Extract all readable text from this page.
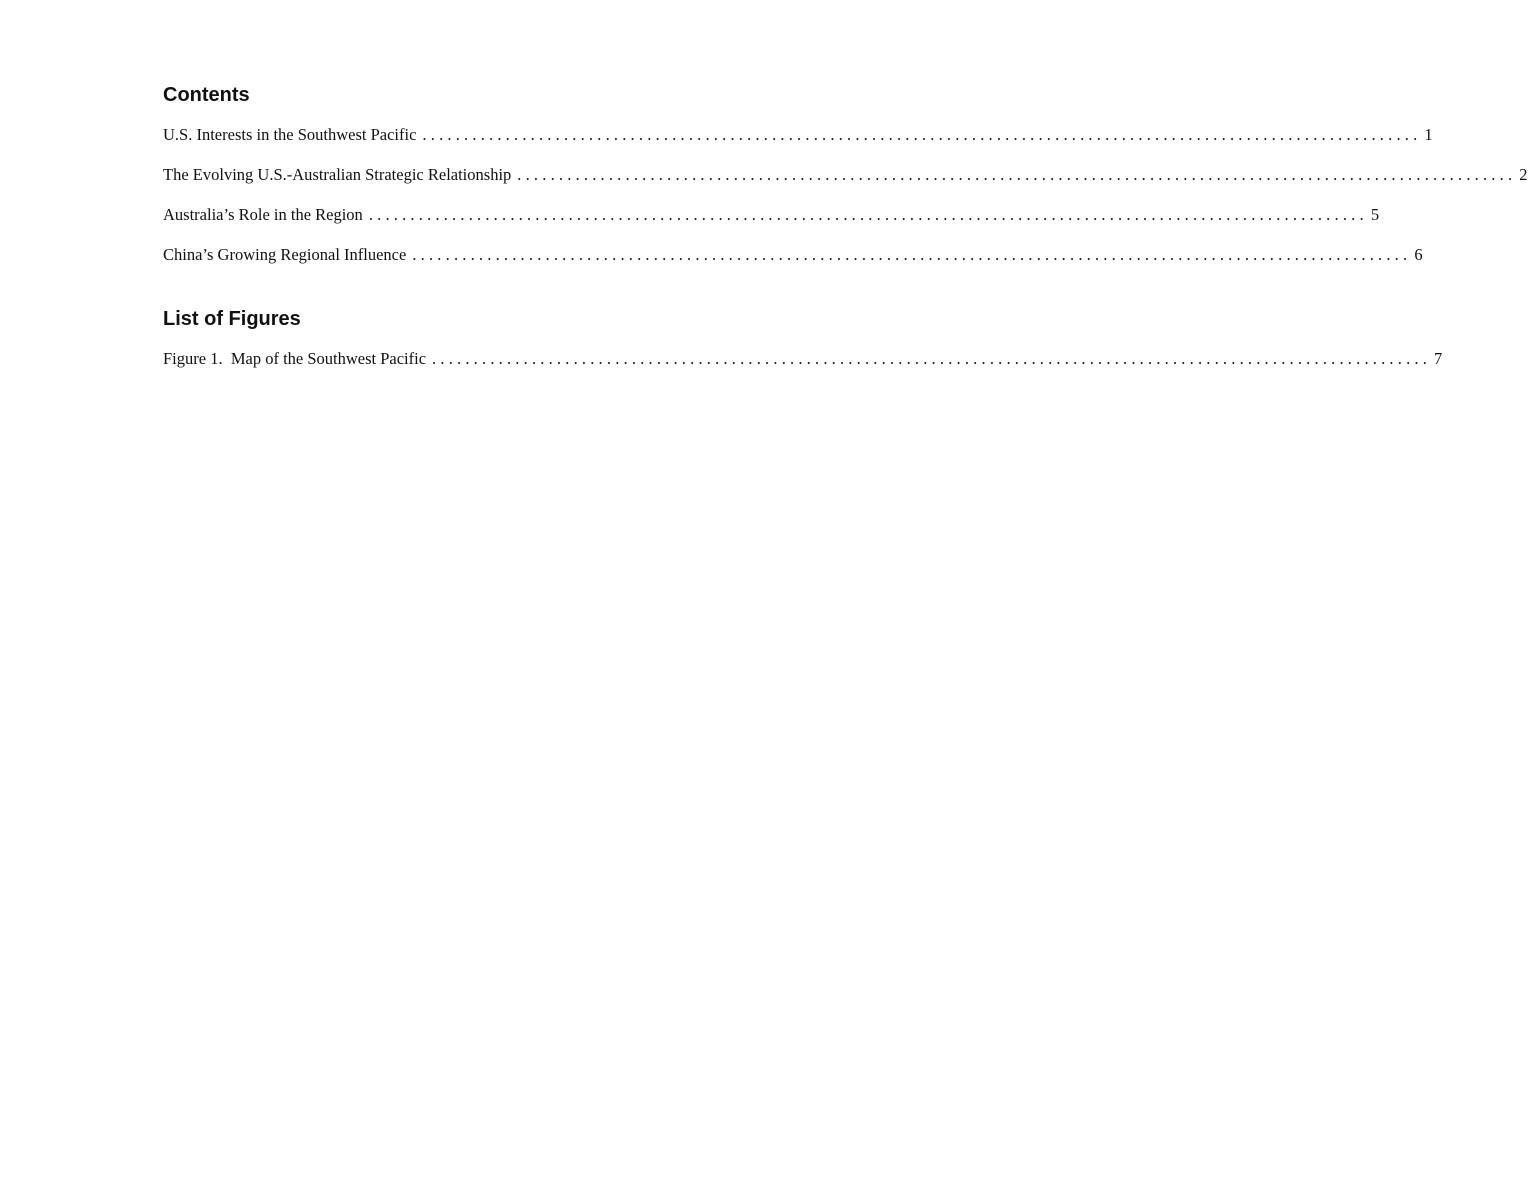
Contents
U.S. Interests in the Southwest Pacific ........................................................................................................................ 1
The Evolving U.S.-Australian Strategic Relationship ........................................................................................................................ 2
Australia’s Role in the Region ........................................................................................................................ 5
China’s Growing Regional Influence ........................................................................................................................ 6
List of Figures
Figure 1.  Map of the Southwest Pacific ........................................................................................................................ 7
